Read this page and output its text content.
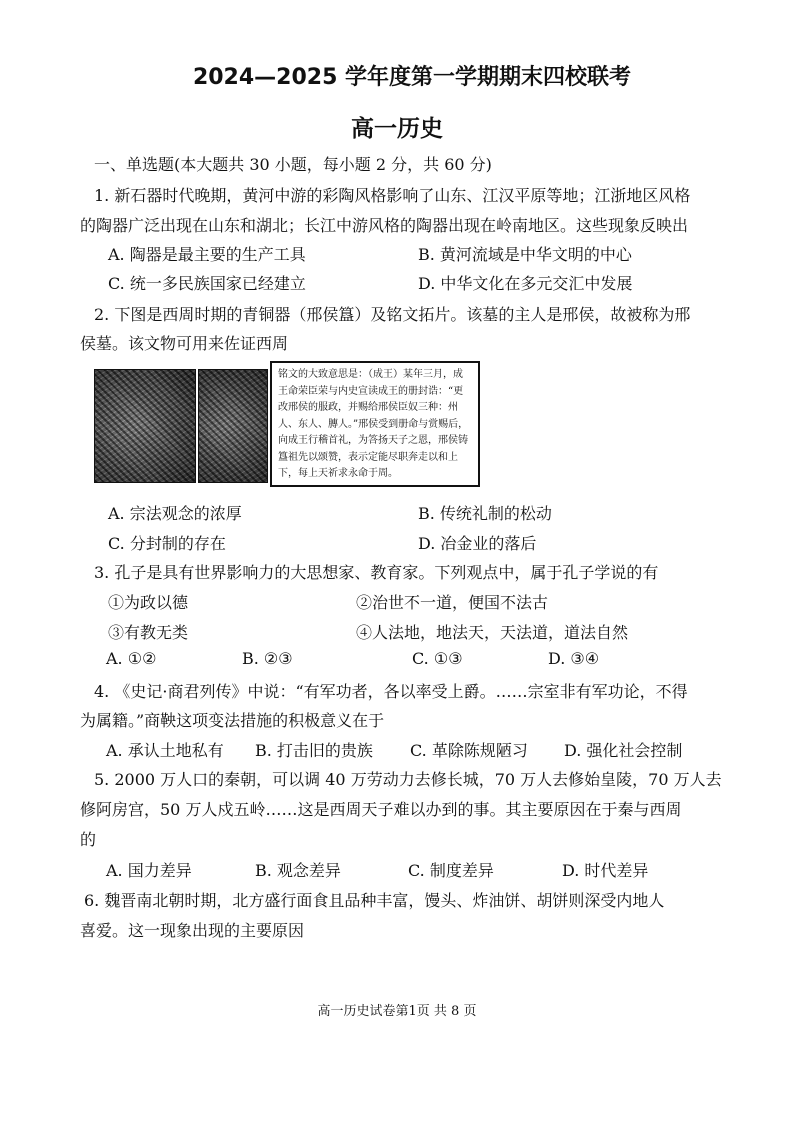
2024—2025 学年度第一学期期末四校联考
高一历史
一、单选题(本大题共 30 小题，每小题 2 分，共 60 分)
1. 新石器时代晚期，黄河中游的彩陶风格影响了山东、江汉平原等地；江浙地区风格
的陶器广泛出现在山东和湖北；长江中游风格的陶器出现在岭南地区。这些现象反映出
A. 陶器是最主要的生产工具	B. 黄河流域是中华文明的中心
C. 统一多民族国家已经建立	D. 中华文化在多元交汇中发展
2. 下图是西周时期的青铜器（邢侯簋）及铭文拓片。该墓的主人是邢侯，故被称为邢
侯墓。该文物可用来佐证西周
铭文的大致意思是：（成王）某年三月，成王命荣臣荣与内史宣读成王的册封诰：“更改邢侯的服政，并赐给邢侯臣奴三种：州人、东人、膞人。”邢侯受到册命与赏赐后，向成王行稽首礼，为答扬天子之恩，邢侯铸簋祖先以颂赞，表示定能尽职奔走以和上下，每上天祈求永命于周。
A. 宗法观念的浓厚	B. 传统礼制的松动
C. 分封制的存在	D. 冶金业的落后
3. 孔子是具有世界影响力的大思想家、教育家。下列观点中，属于孔子学说的有
①为政以德	②治世不一道，便国不法古
③有教无类	④人法地，地法天，天法道，道法自然
A. ①②	B. ②③	C. ①③	D. ③④
4. 《史记·商君列传》中说：“有军功者，各以率受上爵。……宗室非有军功论，不得
为属籍。”商鞅这项变法措施的积极意义在于
A. 承认土地私有 B. 打击旧的贵族 C. 革除陈规陋习 D. 强化社会控制
5. 2000 万人口的秦朝，可以调 40 万劳动力去修长城，70 万人去修始皇陵，70 万人去
修阿房宫，50 万人戍五岭……这是西周天子难以办到的事。其主要原因在于秦与西周
的
A. 国力差异	B. 观念差异	C. 制度差异	D. 时代差异
6. 魏晋南北朝时期，北方盛行面食且品种丰富，馒头、炸油饼、胡饼则深受内地人
喜爱。这一现象出现的主要原因
高一历史试卷第1页 共 8 页
